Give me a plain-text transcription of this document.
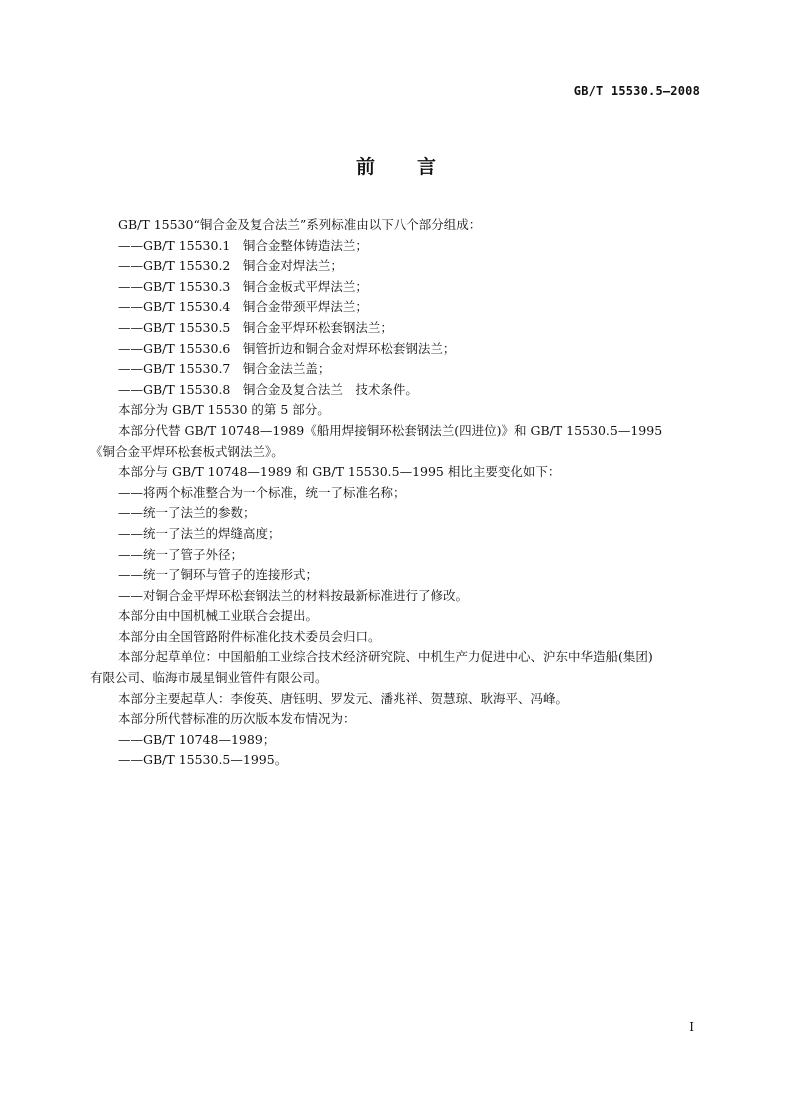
GB/T 15530.5—2008
前言
GB/T 15530“铜合金及复合法兰”系列标准由以下八个部分组成：
——GB/T 15530.1　铜合金整体铸造法兰；
——GB/T 15530.2　铜合金对焊法兰；
——GB/T 15530.3　铜合金板式平焊法兰；
——GB/T 15530.4　铜合金带颈平焊法兰；
——GB/T 15530.5　铜合金平焊环松套钢法兰；
——GB/T 15530.6　铜管折边和铜合金对焊环松套钢法兰；
——GB/T 15530.7　铜合金法兰盖；
——GB/T 15530.8　铜合金及复合法兰　技术条件。
本部分为 GB/T 15530 的第 5 部分。
本部分代替 GB/T 10748—1989《船用焊接铜环松套钢法兰(四进位)》和 GB/T 15530.5—1995
《铜合金平焊环松套板式钢法兰》。
本部分与 GB/T 10748—1989 和 GB/T 15530.5—1995 相比主要变化如下：
——将两个标准整合为一个标准，统一了标准名称；
——统一了法兰的参数；
——统一了法兰的焊缝高度；
——统一了管子外径；
——统一了铜环与管子的连接形式；
——对铜合金平焊环松套钢法兰的材料按最新标准进行了修改。
本部分由中国机械工业联合会提出。
本部分由全国管路附件标准化技术委员会归口。
本部分起草单位：中国船舶工业综合技术经济研究院、中机生产力促进中心、沪东中华造船(集团)
有限公司、临海市晟星铜业管件有限公司。
本部分主要起草人：李俊英、唐钰明、罗发元、潘兆祥、贺慧琼、耿海平、冯峰。
本部分所代替标准的历次版本发布情况为：
——GB/T 10748—1989；
——GB/T 15530.5—1995。
I
